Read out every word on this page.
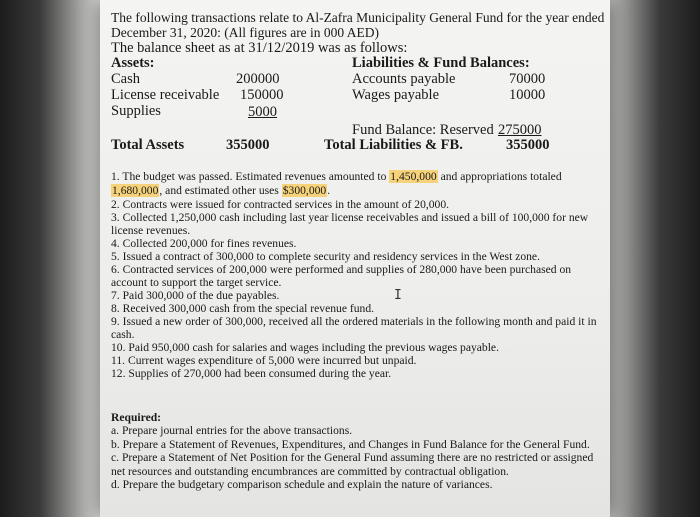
The following transactions relate to Al-Zafra Municipality General Fund for the year ended
December 31, 2020: (All figures are in 000 AED)
The balance sheet as at 31/12/2019 was as follows:
Assets:
Cash	200000
License receivable 150000
Supplies	5000
Liabilities & Fund Balances:
Accounts payable	70000
Wages payable	10000
Fund Balance: Reserved 275000
Total Assets	355000	Total Liabilities & FB.	355000

1. The budget was passed. Estimated revenues amounted to 1,450,000 and appropriations totaled 1,680,000, and estimated other uses $300,000.

2. Contracts were issued for contracted services in the amount of 20,000.

3. Collected 1,250,000 cash including last year license receivables and issued a bill of 100,000 for new license revenues.

4. Collected 200,000 for fines revenues.

5. Issued a contract of 300,000 to complete security and residency services in the West zone.

6. Contracted services of 200,000 were performed and supplies of 280,000 have been purchased on account to support the target service.

7. Paid 300,000 of the due payables.

8. Received 300,000 cash from the special revenue fund.

9. Issued a new order of 300,000, received all the ordered materials in the following month and paid it in cash.

10. Paid 950,000 cash for salaries and wages including the previous wages payable.

11. Current wages expenditure of 5,000 were incurred but unpaid.

12. Supplies of 270,000 had been consumed during the year.

I

Required:

a. Prepare journal entries for the above transactions.

b. Prepare a Statement of Revenues, Expenditures, and Changes in Fund Balance for the General Fund.

c. Prepare a Statement of Net Position for the General Fund assuming there are no restricted or assigned net resources and outstanding encumbrances are committed by contractual obligation.

d. Prepare the budgetary comparison schedule and explain the nature of variances.
